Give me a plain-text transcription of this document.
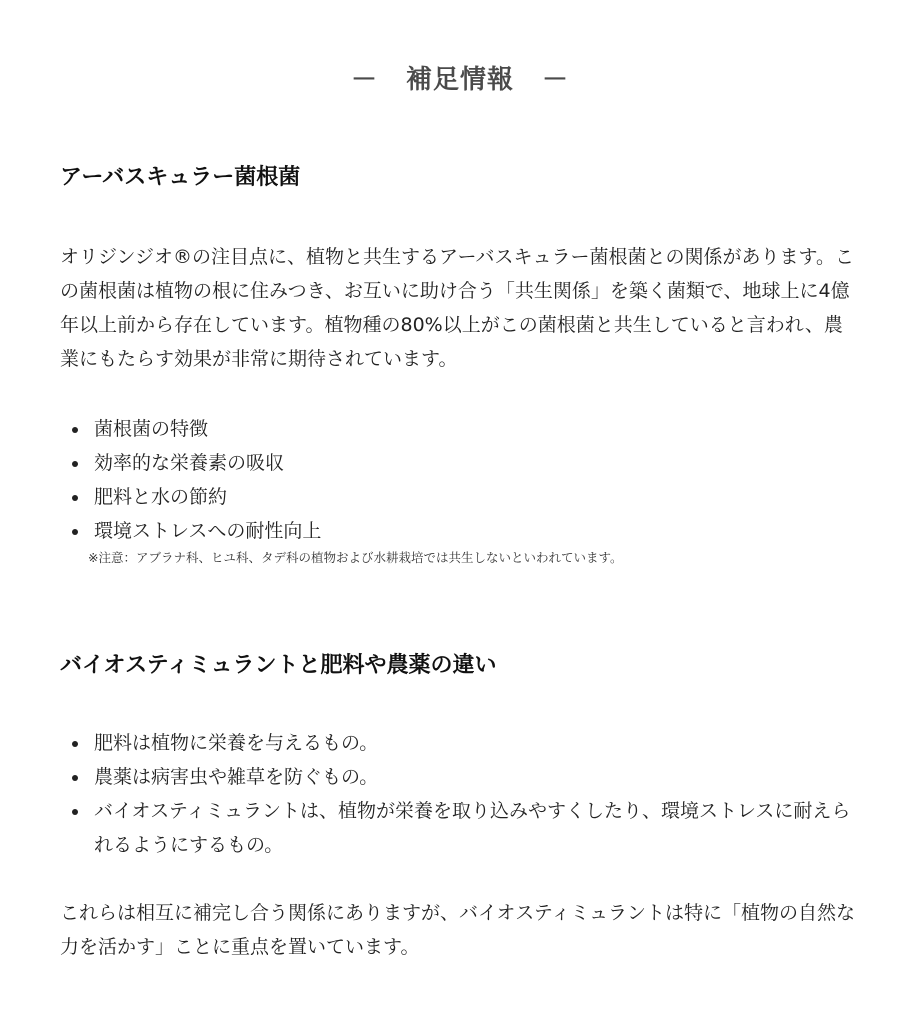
－ 補足情報 －
アーバスキュラー菌根菌

オリジンジオ®の注目点に、植物と共生するアーバスキュラー菌根菌との関係があります。この菌根菌は植物の根に住みつき、お互いに助け合う「共生関係」を築く菌類で、地球上に4億年以上前から存在しています。植物種の80%以上がこの菌根菌と共生していると言われ、農業にもたらす効果が非常に期待されています。

菌根菌の特徴
効率的な栄養素の吸収
肥料と水の節約
環境ストレスへの耐性向上

※注意：アブラナ科、ヒユ科、タデ科の植物および水耕栽培では共生しないといわれています。

バイオスティミュラントと肥料や農薬の違い
肥料は植物に栄養を与えるもの。
農薬は病害虫や雑草を防ぐもの。
バイオスティミュラントは、植物が栄養を取り込みやすくしたり、環境ストレスに耐えられるようにするもの。

これらは相互に補完し合う関係にありますが、バイオスティミュラントは特に「植物の自然な力を活かす」ことに重点を置いています。
